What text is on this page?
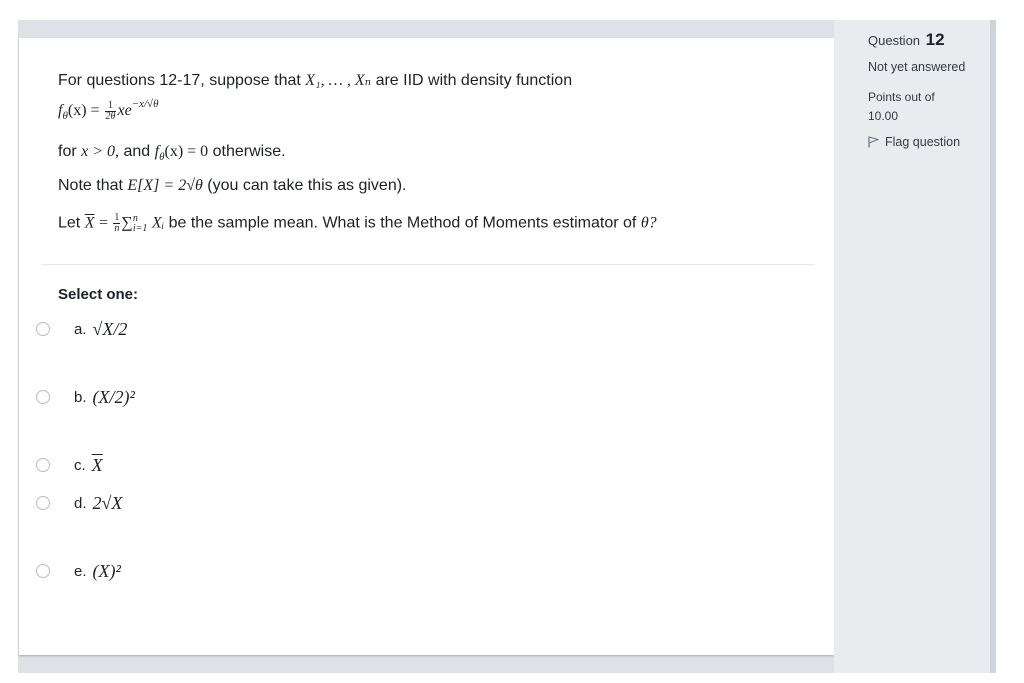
For questions 12-17, suppose that X₁, … , Xₙ are IID with density function
$f_\theta(x) = \frac{1}{2\theta} xe^{-x/√\theta}$
for x > 0, and $f_\theta(x) = 0$ otherwise.
Note that E[X] = 2√θ (you can take this as given).
Let $\overline{X} = \frac{1}{n}$ ∑ n
i=1 Xᵢ be the sample mean. What is the Method of Moments estimator of θ?
Select one:
a. √X/2
b. (X/2)²
c. $\overline{X}$
d. 2√X
e. (X)²
Question 12
Not yet answered
Points out of
10.00
Flag question
